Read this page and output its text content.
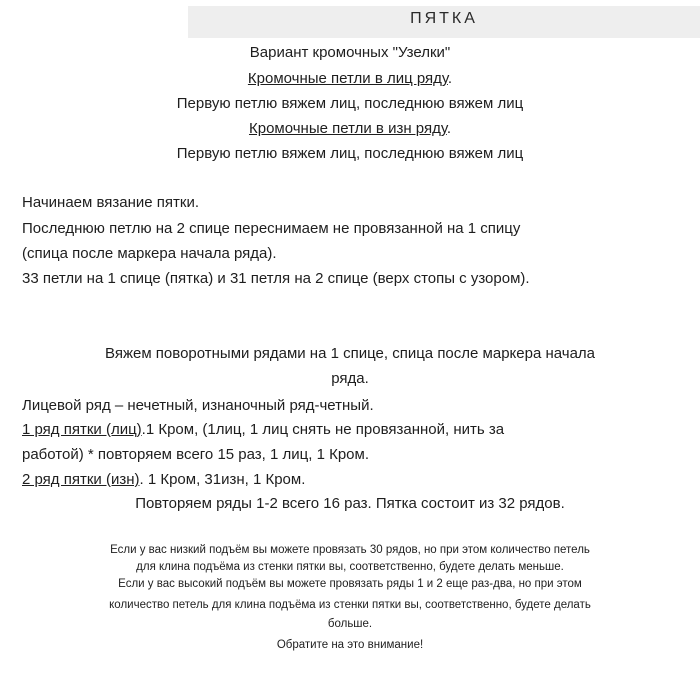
ПЯТКА
Вариант кромочных "Узелки"
Кромочные петли в лиц ряду.
Первую петлю вяжем лиц, последнюю вяжем лиц
Кромочные петли в изн ряду.
Первую петлю вяжем лиц, последнюю вяжем лиц
Начинаем вязание пятки.
Последнюю петлю на 2 спице переснимаем не провязанной на 1 спицу
(спица после маркера начала ряда).
33 петли на 1 спице (пятка) и 31 петля на 2 спице (верх стопы с узором).
Вяжем поворотными рядами на 1 спице, спица после маркера начала
ряда.
Лицевой ряд – нечетный, изнаночный ряд-четный.
1 ряд пятки (лиц).1 Кром, (1лиц, 1 лиц снять не провязанной, нить за
работой) * повторяем всего 15 раз, 1 лиц, 1 Кром.
2 ряд пятки (изн). 1 Кром, 31изн, 1 Кром.
Повторяем ряды 1-2 всего 16 раз. Пятка состоит из 32 рядов.
Если у вас низкий подъём вы можете провязать 30 рядов, но при этом количество петель
для клина подъёма из стенки пятки вы, соответственно, будете делать меньше.
Если у вас высокий подъём вы можете провязать ряды 1 и 2 еще раз-два, но при этом
количество петель для клина подъёма из стенки пятки вы, соответственно, будете делать
больше.
Обратите на это внимание!
